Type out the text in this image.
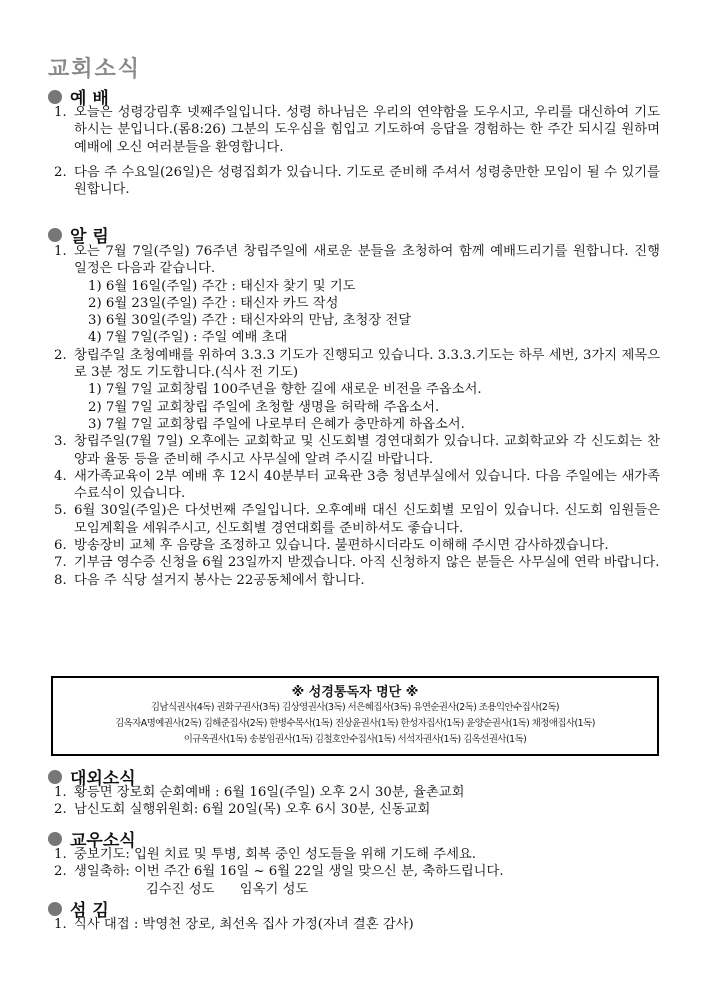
교회소식
예 배
1. 오늘은 성령강림후 넷째주일입니다. 성령 하나님은 우리의 연약함을 도우시고, 우리를 대신하여 기도하시는 분입니다.(롬8:26) 그분의 도우심을 힘입고 기도하여 응답을 경험하는 한 주간 되시길 원하며 예배에 오신 여러분들을 환영합니다.
2. 다음 주 수요일(26일)은 성령집회가 있습니다. 기도로 준비해 주셔서 성령충만한 모임이 될 수 있기를 원합니다.
알 림
1. 오는 7월 7일(주일) 76주년 창립주일에 새로운 분들을 초청하여 함께 예배드리기를 원합니다. 진행 일정은 다음과 같습니다.
1) 6월 16일(주일) 주간 : 태신자 찾기 및 기도
2) 6월 23일(주일) 주간 : 태신자 카드 작성
3) 6월 30일(주일) 주간 : 태신자와의 만남, 초청장 전달
4) 7월 7일(주일) : 주일 예배 초대
2. 창립주일 초청예배를 위하여 3.3.3 기도가 진행되고 있습니다. 3.3.3.기도는 하루 세번, 3가지 제목으로 3분 정도 기도합니다.(식사 전 기도)
1) 7월 7일 교회창립 100주년을 향한 길에 새로운 비전을 주옵소서.
2) 7월 7일 교회창립 주일에 초청할 생명을 허락해 주옵소서.
3) 7월 7일 교회창립 주일에 나로부터 은혜가 충만하게 하옵소서.
3. 창립주일(7월 7일) 오후에는 교회학교 및 신도회별 경연대회가 있습니다. 교회학교와 각 신도회는 찬양과 율동 등을 준비해 주시고 사무실에 알려 주시길 바랍니다.
4. 새가족교육이 2부 예배 후 12시 40분부터 교육관 3층 청년부실에서 있습니다. 다음 주일에는 새가족 수료식이 있습니다.
5. 6월 30일(주일)은 다섯번째 주일입니다. 오후예배 대신 신도회별 모임이 있습니다. 신도회 임원들은 모임계획을 세워주시고, 신도회별 경연대회를 준비하셔도 좋습니다.
6. 방송장비 교체 후 음량을 조정하고 있습니다. 불편하시더라도 이해해 주시면 감사하겠습니다.
7. 기부금 영수증 신청을 6월 23일까지 받겠습니다. 아직 신청하지 않은 분들은 사무실에 연락 바랍니다.
8. 다음 주 식당 설거지 봉사는 22공동체에서 합니다.
※ 성경통독자 명단 ※
김남식권사(4독) 권화구권사(3독) 김상영권사(3독) 서은혜집사(3독) 유연순권사(2독) 조용익안수집사(2독)
김옥자A명예권사(2독) 김해준집사(2독) 한병수목사(1독) 진상윤권사(1독) 한성자집사(1독) 윤양순권사(1독) 채정애집사(1독)
이규옥권사(1독) 송봉임권사(1독) 김철호안수집사(1독) 서석자권사(1독) 김옥선권사(1독)
대외소식
1. 황등면 장로회 순회예배 : 6월 16일(주일) 오후 2시 30분, 율촌교회
2. 남신도회 실행위원회: 6월 20일(목) 오후 6시 30분, 신동교회
교우소식
1. 중보기도: 입원 치료 및 투병, 회복 중인 성도들을 위해 기도해 주세요.
2. 생일축하: 이번 주간 6월 16일 ~ 6월 22일 생일 맞으신 분, 축하드립니다.
김수진 성도      임옥기 성도
섬 김
1. 식사 대접 : 박영천 장로, 최선옥 집사 가정(자녀 결혼 감사)
